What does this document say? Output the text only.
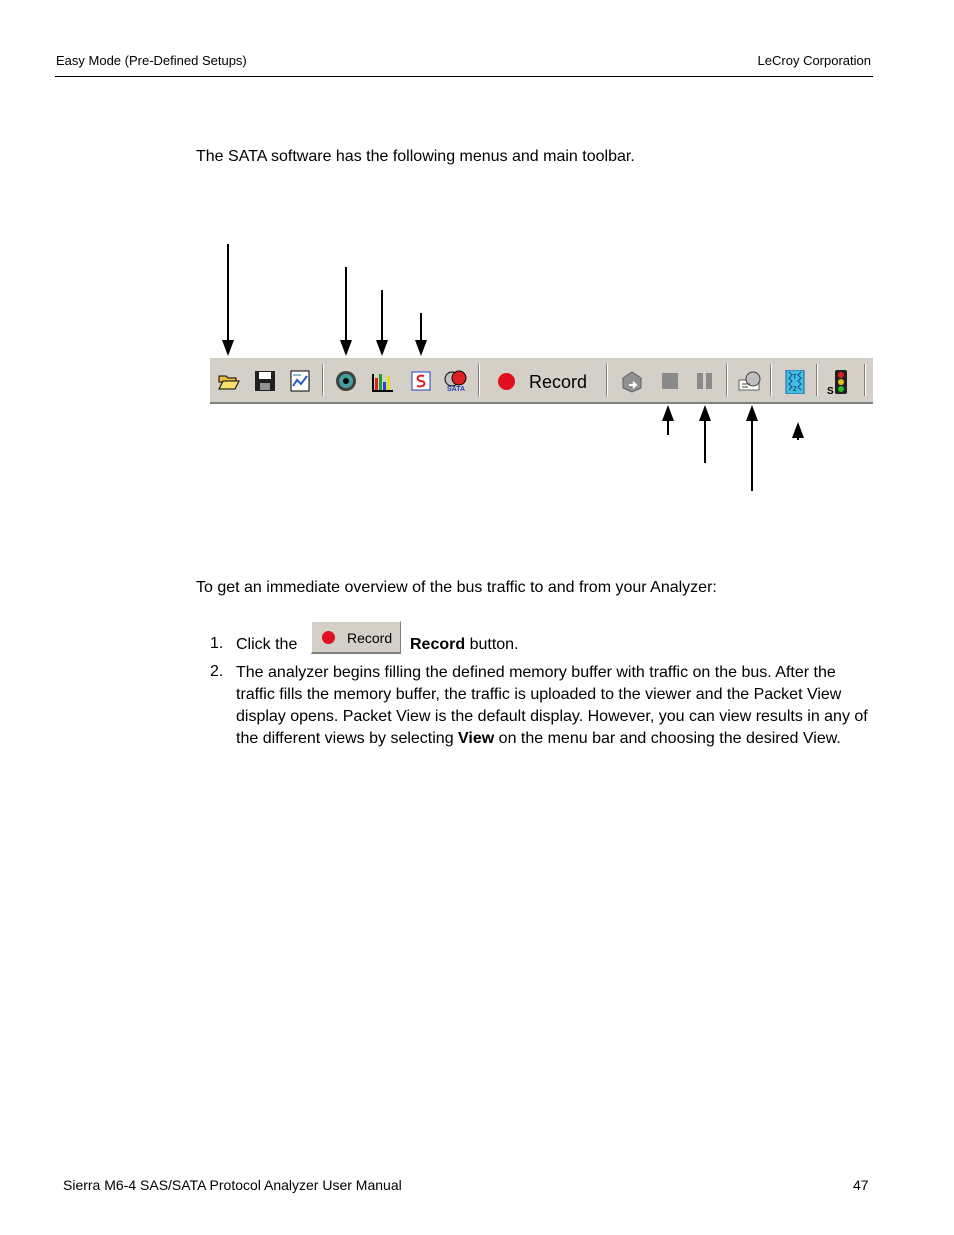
Easy Mode (Pre-Defined Setups)	LeCroy Corporation
The SATA software has the following menus and main toolbar.
SATA	Record	T
Z	S
To get an immediate overview of the bus traffic to and from your Analyzer:
1. Click the	Record Record button.
2. The analyzer begins filling the defined memory buffer with traffic on the bus. After the traffic fills the memory buffer, the traffic is uploaded to the viewer and the Packet View display opens. Packet View is the default display. However, you can view results in any of the different views by selecting View on the menu bar and choosing the desired View.
Sierra M6-4 SAS/SATA Protocol Analyzer User Manual	47
